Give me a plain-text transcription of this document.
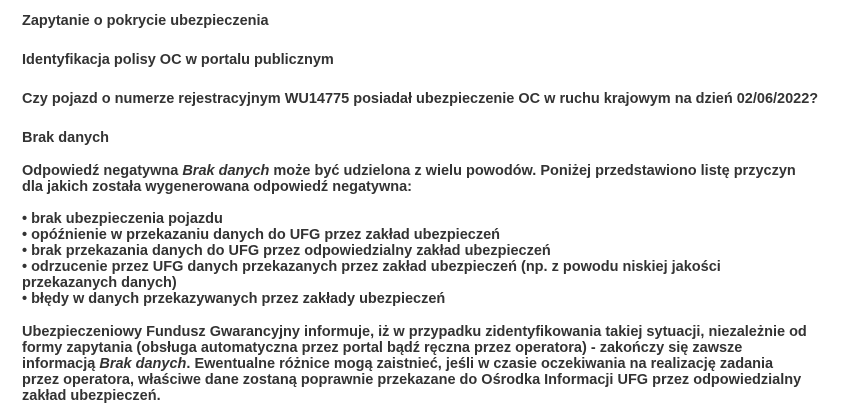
Zapytanie o pokrycie ubezpieczenia
Identyfikacja polisy OC w portalu publicznym
Czy pojazd o numerze rejestracyjnym WU14775 posiadał ubezpieczenie OC w ruchu krajowym na dzień 02/06/2022?
Brak danych
Odpowiedź negatywna Brak danych może być udzielona z wielu powodów. Poniżej przedstawiono listę przyczyn dla jakich została wygenerowana odpowiedź negatywna:
• brak ubezpieczenia pojazdu
• opóźnienie w przekazaniu danych do UFG przez zakład ubezpieczeń
• brak przekazania danych do UFG przez odpowiedzialny zakład ubezpieczeń
• odrzucenie przez UFG danych przekazanych przez zakład ubezpieczeń (np. z powodu niskiej jakości przekazanych danych)
• błędy w danych przekazywanych przez zakłady ubezpieczeń
Ubezpieczeniowy Fundusz Gwarancyjny informuje, iż w przypadku zidentyfikowania takiej sytuacji, niezależnie od formy zapytania (obsługa automatyczna przez portal bądź ręczna przez operatora) - zakończy się zawsze informacją Brak danych. Ewentualne różnice mogą zaistnieć, jeśli w czasie oczekiwania na realizację zadania przez operatora, właściwe dane zostaną poprawnie przekazane do Ośrodka Informacji UFG przez odpowiedzialny zakład ubezpieczeń.
